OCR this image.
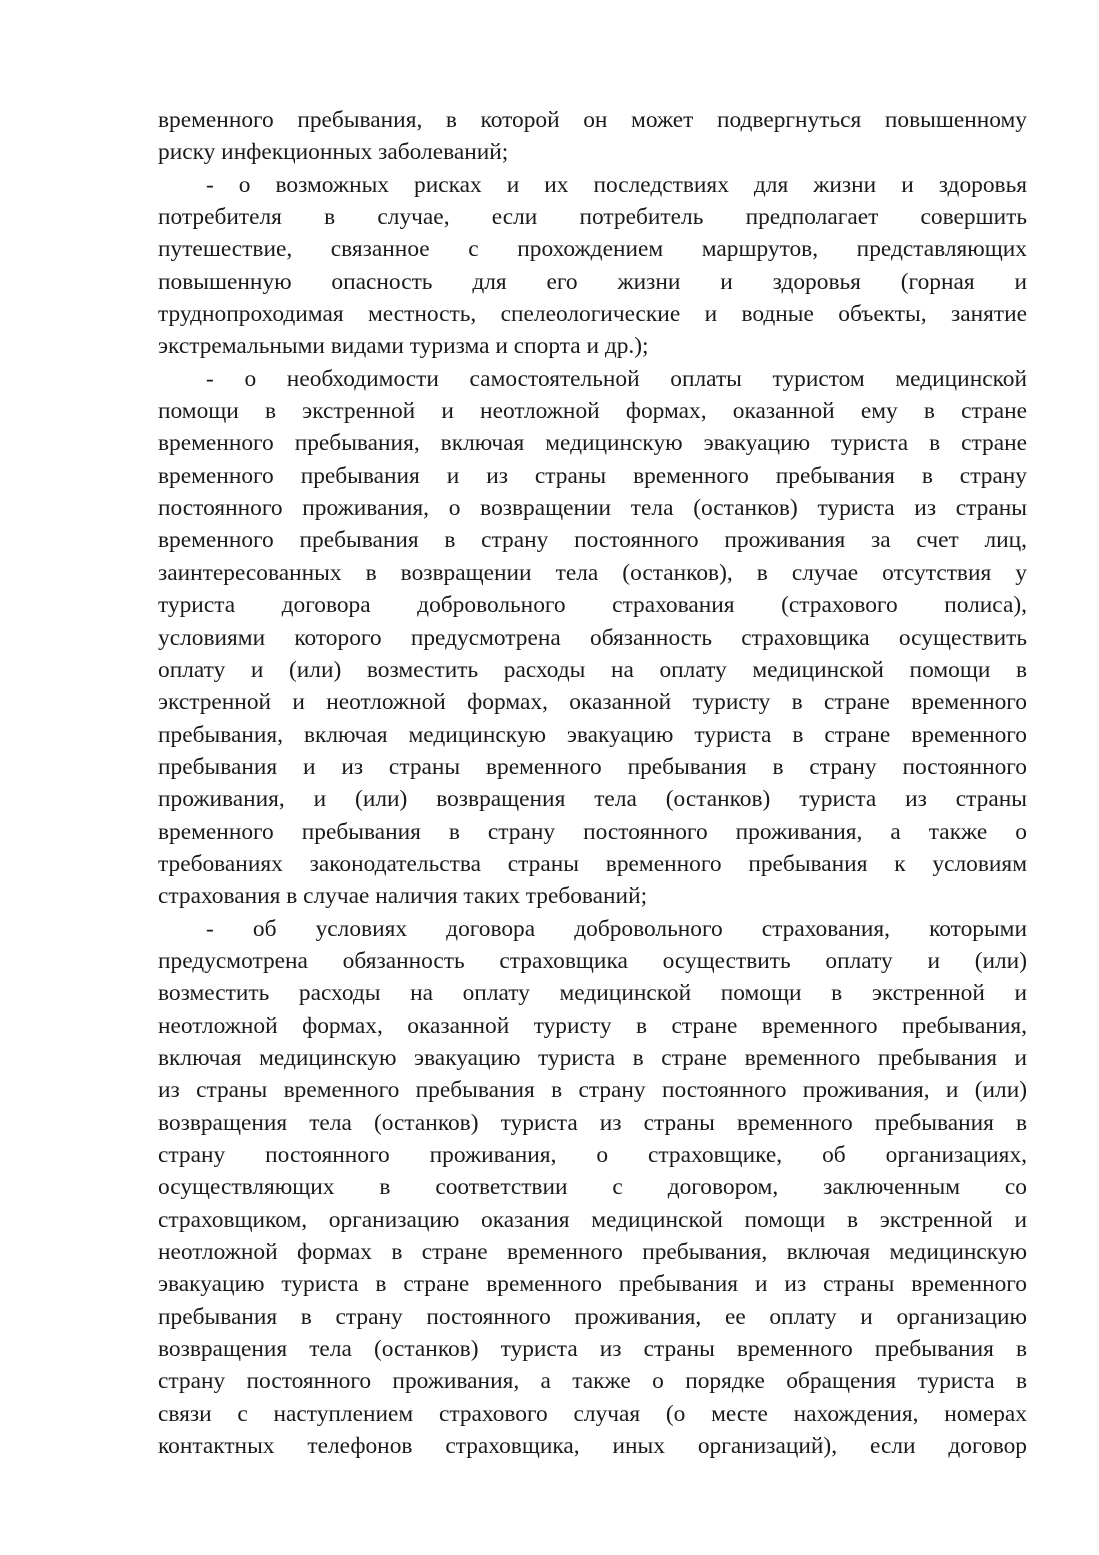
временного пребывания, в которой он может подвергнуться повышенному
риску инфекционных заболеваний;
- о возможных рисках и их последствиях для жизни и здоровья
потребителя в случае, если потребитель предполагает совершить
путешествие, связанное с прохождением маршрутов, представляющих
повышенную опасность для его жизни и здоровья (горная и
труднопроходимая местность, спелеологические и водные объекты, занятие
экстремальными видами туризма и спорта и др.);
- о необходимости самостоятельной оплаты туристом медицинской
помощи в экстренной и неотложной формах, оказанной ему в стране
временного пребывания, включая медицинскую эвакуацию туриста в стране
временного пребывания и из страны временного пребывания в страну
постоянного проживания, о возвращении тела (останков) туриста из страны
временного пребывания в страну постоянного проживания за счет лиц,
заинтересованных в возвращении тела (останков), в случае отсутствия у
туриста договора добровольного страхования (страхового полиса),
условиями которого предусмотрена обязанность страховщика осуществить
оплату и (или) возместить расходы на оплату медицинской помощи в
экстренной и неотложной формах, оказанной туристу в стране временного
пребывания, включая медицинскую эвакуацию туриста в стране временного
пребывания и из страны временного пребывания в страну постоянного
проживания, и (или) возвращения тела (останков) туриста из страны
временного пребывания в страну постоянного проживания, а также о
требованиях законодательства страны временного пребывания к условиям
страхования в случае наличия таких требований;
- об условиях договора добровольного страхования, которыми
предусмотрена обязанность страховщика осуществить оплату и (или)
возместить расходы на оплату медицинской помощи в экстренной и
неотложной формах, оказанной туристу в стране временного пребывания,
включая медицинскую эвакуацию туриста в стране временного пребывания и
из страны временного пребывания в страну постоянного проживания, и (или)
возвращения тела (останков) туриста из страны временного пребывания в
страну постоянного проживания, о страховщике, об организациях,
осуществляющих в соответствии с договором, заключенным со
страховщиком, организацию оказания медицинской помощи в экстренной и
неотложной формах в стране временного пребывания, включая медицинскую
эвакуацию туриста в стране временного пребывания и из страны временного
пребывания в страну постоянного проживания, ее оплату и организацию
возвращения тела (останков) туриста из страны временного пребывания в
страну постоянного проживания, а также о порядке обращения туриста в
связи с наступлением страхового случая (о месте нахождения, номерах
контактных телефонов страховщика, иных организаций), если договор
